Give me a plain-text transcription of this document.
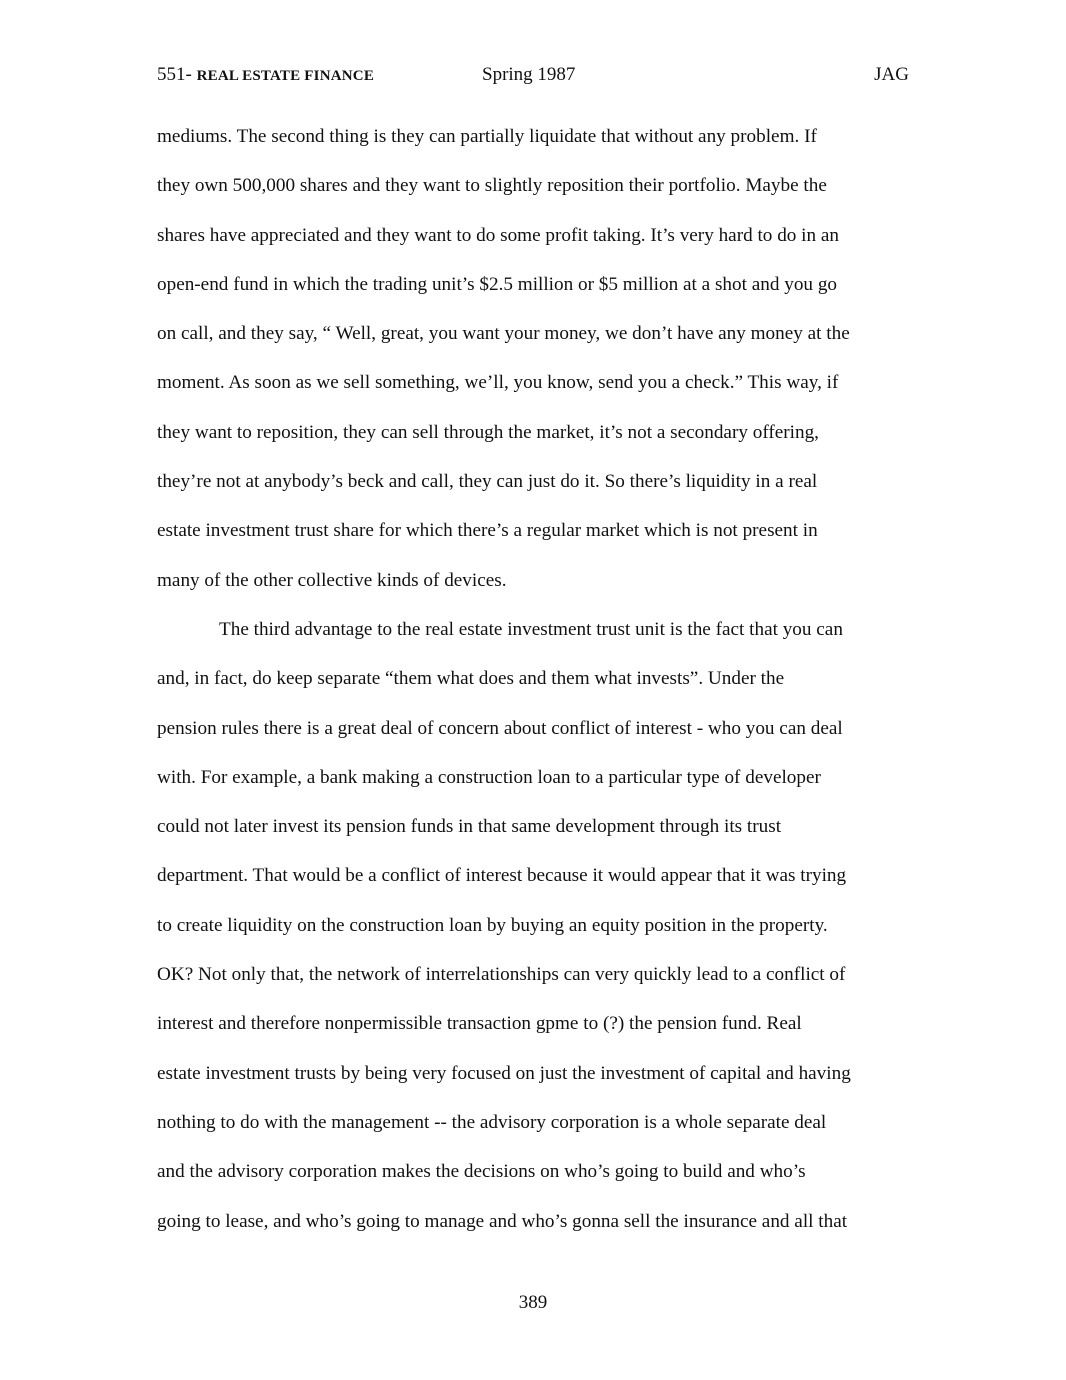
551- REAL ESTATE FINANCE	Spring 1987	JAG
mediums. The second thing is they can partially liquidate that without any problem. If
they own 500,000 shares and they want to slightly reposition their portfolio. Maybe the
shares have appreciated and they want to do some profit taking. It’s very hard to do in an
open-end fund in which the trading unit’s $2.5 million or $5 million at a shot and you go
on call, and they say, “ Well, great, you want your money, we don’t have any money at the
moment. As soon as we sell something, we’ll, you know, send you a check.” This way, if
they want to reposition, they can sell through the market, it’s not a secondary offering,
they’re not at anybody’s beck and call, they can just do it. So there’s liquidity in a real
estate investment trust share for which there’s a regular market which is not present in
many of the other collective kinds of devices.
The third advantage to the real estate investment trust unit is the fact that you can
and, in fact, do keep separate “them what does and them what invests”. Under the
pension rules there is a great deal of concern about conflict of interest - who you can deal
with. For example, a bank making a construction loan to a particular type of developer
could not later invest its pension funds in that same development through its trust
department. That would be a conflict of interest because it would appear that it was trying
to create liquidity on the construction loan by buying an equity position in the property.
OK? Not only that, the network of interrelationships can very quickly lead to a conflict of
interest and therefore nonpermissible transaction gpme to (?) the pension fund. Real
estate investment trusts by being very focused on just the investment of capital and having
nothing to do with the management -- the advisory corporation is a whole separate deal
and the advisory corporation makes the decisions on who’s going to build and who’s
going to lease, and who’s going to manage and who’s gonna sell the insurance and all that
389
